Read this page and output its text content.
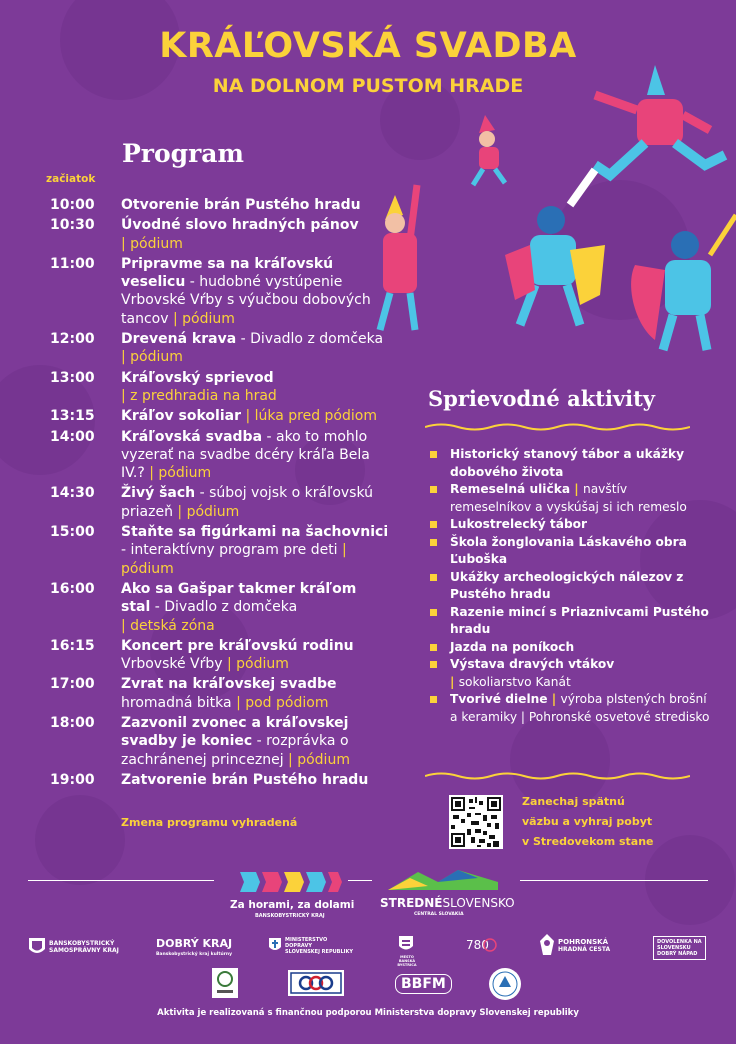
KRÁĽOVSKÁ SVADBA
NA DOLNOM PUSTOM HRADE
Program
začiatok
10:00	Otvorenie brán Pustého hradu
10:30	Úvodné slovo hradných pánov
| pódium
11:00	Pripravme sa na kráľovskú veselicu - hudobné vystúpenie Vrbovské Vŕby s výučbou dobových tancov | pódium
12:00	Drevená krava - Divadlo z domčeka | pódium
13:00	Kráľovský sprievod
| z predhradia na hrad
13:15	Kráľov sokoliar | lúka pred pódiom
14:00	Kráľovská svadba - ako to mohlo vyzerať na svadbe dcéry kráľa Bela IV.? | pódium
14:30	Živý šach - súboj vojsk o kráľovskú priazeň | pódium
15:00	Staňte sa figúrkami na šachovnici - interaktívny program pre deti | pódium
16:00	Ako sa Gašpar takmer kráľom stal - Divadlo z domčeka
| detská zóna
16:15	Koncert pre kráľovskú rodinu Vrbovské Vŕby | pódium
17:00	Zvrat na kráľovskej svadbe hromadná bitka | pod pódiom
18:00	Zazvonil zvonec a kráľovskej svadby je koniec - rozprávka o zachránenej princeznej | pódium
19:00	Zatvorenie brán Pustého hradu
Zmena programu vyhradená
Sprievodné aktivity
Historický stanový tábor a ukážky dobového života
Remeselná ulička | navštív remeselníkov a vyskúšaj si ich remeslo
Lukostrelecký tábor
Škola žonglovania Láskavého obra Ľuboška
Ukážky archeologických nálezov z Pustého hradu
Razenie mincí s Priaznivcami Pustého hradu
Jazda na poníkoch
Výstava dravých vtákov
| sokoliarstvo Kanát
Tvorivé dielne | výroba plstených brošní a keramiky | Pohronské osvetové stredisko
Zanechaj spätnú
väzbu a vyhraj pobyt
v Stredovekom stane
Za horami, za dolami
BANSKOBYSTRICKÝ KRAJ
STREDNÉSLOVENSKO
CENTRAL SLOVAKIA
BANSKOBYSTRICKÝ
SAMOSPRÁVNY KRAJ
DOBRÝ KRAJ
Banskobystrický kraj kultúrny
MINISTERSTVO
DOPRAVY
SLOVENSKEJ REPUBLIKY
MESTO BANSKÁ BYSTRICA
780	POHRONSKÁ
HRADNÁ CESTA
DOVOLENKA NA
SLOVENSKU
DOBRÝ NÁPAD
BBFM
Aktivita je realizovaná s finančnou podporou Ministerstva dopravy Slovenskej republiky
